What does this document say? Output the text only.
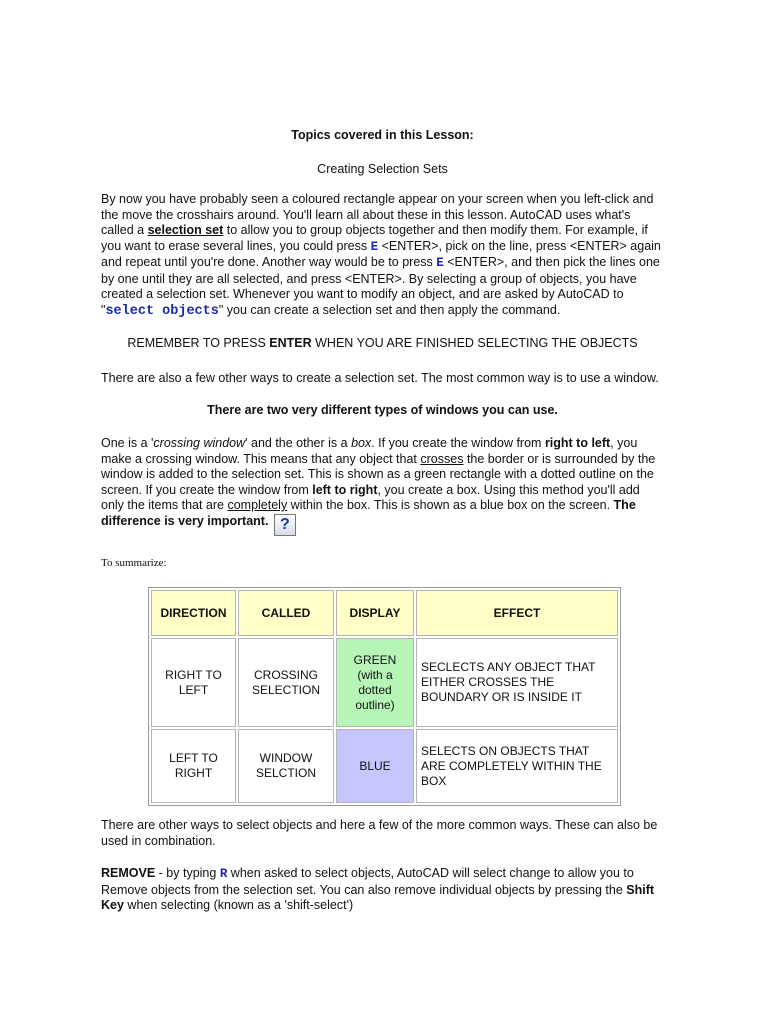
Topics covered in this Lesson:
Creating Selection Sets
By now you have probably seen a coloured rectangle appear on your screen when you left-click and the move the crosshairs around. You'll learn all about these in this lesson. AutoCAD uses what's called a selection set to allow you to group objects together and then modify them. For example, if you want to erase several lines, you could press E <ENTER>, pick on the line, press <ENTER> again and repeat until you're done. Another way would be to press E <ENTER>, and then pick the lines one by one until they are all selected, and press <ENTER>. By selecting a group of objects, you have created a selection set. Whenever you want to modify an object, and are asked by AutoCAD to "select objects" you can create a selection set and then apply the command.
REMEMBER TO PRESS ENTER WHEN YOU ARE FINISHED SELECTING THE OBJECTS
There are also a few other ways to create a selection set. The most common way is to use a window.
There are two very different types of windows you can use.
One is a 'crossing window' and the other is a box. If you create the window from right to left, you make a crossing window. This means that any object that crosses the border or is surrounded by the window is added to the selection set. This is shown as a green rectangle with a dotted outline on the screen. If you create the window from left to right, you create a box. Using this method you'll add only the items that are completely within the box. This is shown as a blue box on the screen. The difference is very important. ?
To summarize:
DIRECTION	CALLED	DISPLAY	EFFECT
RIGHT TO LEFT	CROSSING SELECTION	GREEN (with a dotted outline)	SECLECTS ANY OBJECT THAT EITHER CROSSES THE BOUNDARY OR IS INSIDE IT
LEFT TO RIGHT	WINDOW SELCTION	BLUE	SELECTS ON OBJECTS THAT ARE COMPLETELY WITHIN THE BOX
There are other ways to select objects and here a few of the more common ways. These can also be used in combination.
REMOVE - by typing R when asked to select objects, AutoCAD will select change to allow you to Remove objects from the selection set. You can also remove individual objects by pressing the Shift Key when selecting (known as a 'shift-select')
